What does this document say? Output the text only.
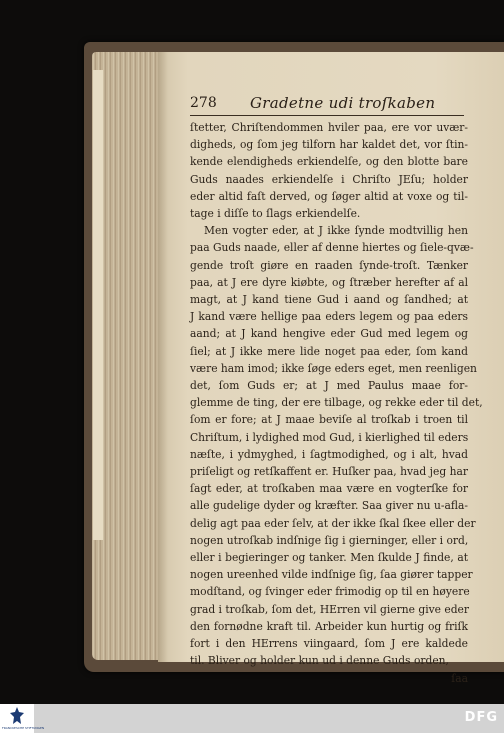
278 Gradetne udi troſkaben
ſtetter, Chriſtendommen hviler paa, ere vor uvær-
digheds, og ſom jeg tilforn har kaldet det, vor ſtin-
kende elendigheds erkiendelſe, og den blotte bare
Guds naades erkiendelſe i Chriſto JEſu; holder
eder altid faſt derved, og ſøger altid at voxe og til-
tage i diſſe to ſlags erkiendelſe.
Men vogter eder, at J ikke ſynde modtvillig hen
paa Guds naade, eller af denne hiertes og ſiele-qvæ-
gende troſt giøre en raaden ſynde-troſt. Tænker
paa, at J ere dyre kiøbte, og ſtræber herefter af al
magt, at J kand tiene Gud i aand og ſandhed; at
J kand være hellige paa eders legem og paa eders
aand; at J kand hengive eder Gud med legem og
ſiel; at J ikke mere lide noget paa eder, ſom kand
være ham imod; ikke ſøge eders eget, men reenligen
det, ſom Guds er; at J med Paulus maae for-
glemme de ting, der ere tilbage, og rekke eder til det,
ſom er fore; at J maae beviſe al troſkab i troen til
Chriſtum, i lydighed mod Gud, i kierlighed til eders
næſte, i ydmyghed, i ſagtmodighed, og i alt, hvad
priſeligt og retſkaffent er. Huſker paa, hvad jeg har
ſagt eder, at troſkaben maa være en vogterſke for
alle gudelige dyder og kræfter. Saa giver nu u-afla-
delig agt paa eder ſelv, at der ikke ſkal ſkee eller der
nogen utroſkab indſnige ſig i gierninger, eller i ord,
eller i begieringer og tanker. Men ſkulde J finde, at
nogen ureenhed vilde indſnige ſig, ſaa giører tapper
modſtand, og ſvinger eder frimodig op til en høyere
grad i troſkab, ſom det, HErren vil gierne give eder
den fornødne kraft til. Arbeider kun hurtig og friſk
fort i den HErrens viingaard, ſom J ere kaldede
til. Bliver og holder kun ud i denne Guds orden,
ſaa
FRANCKESCHE STIFTUNGEN
DFG
